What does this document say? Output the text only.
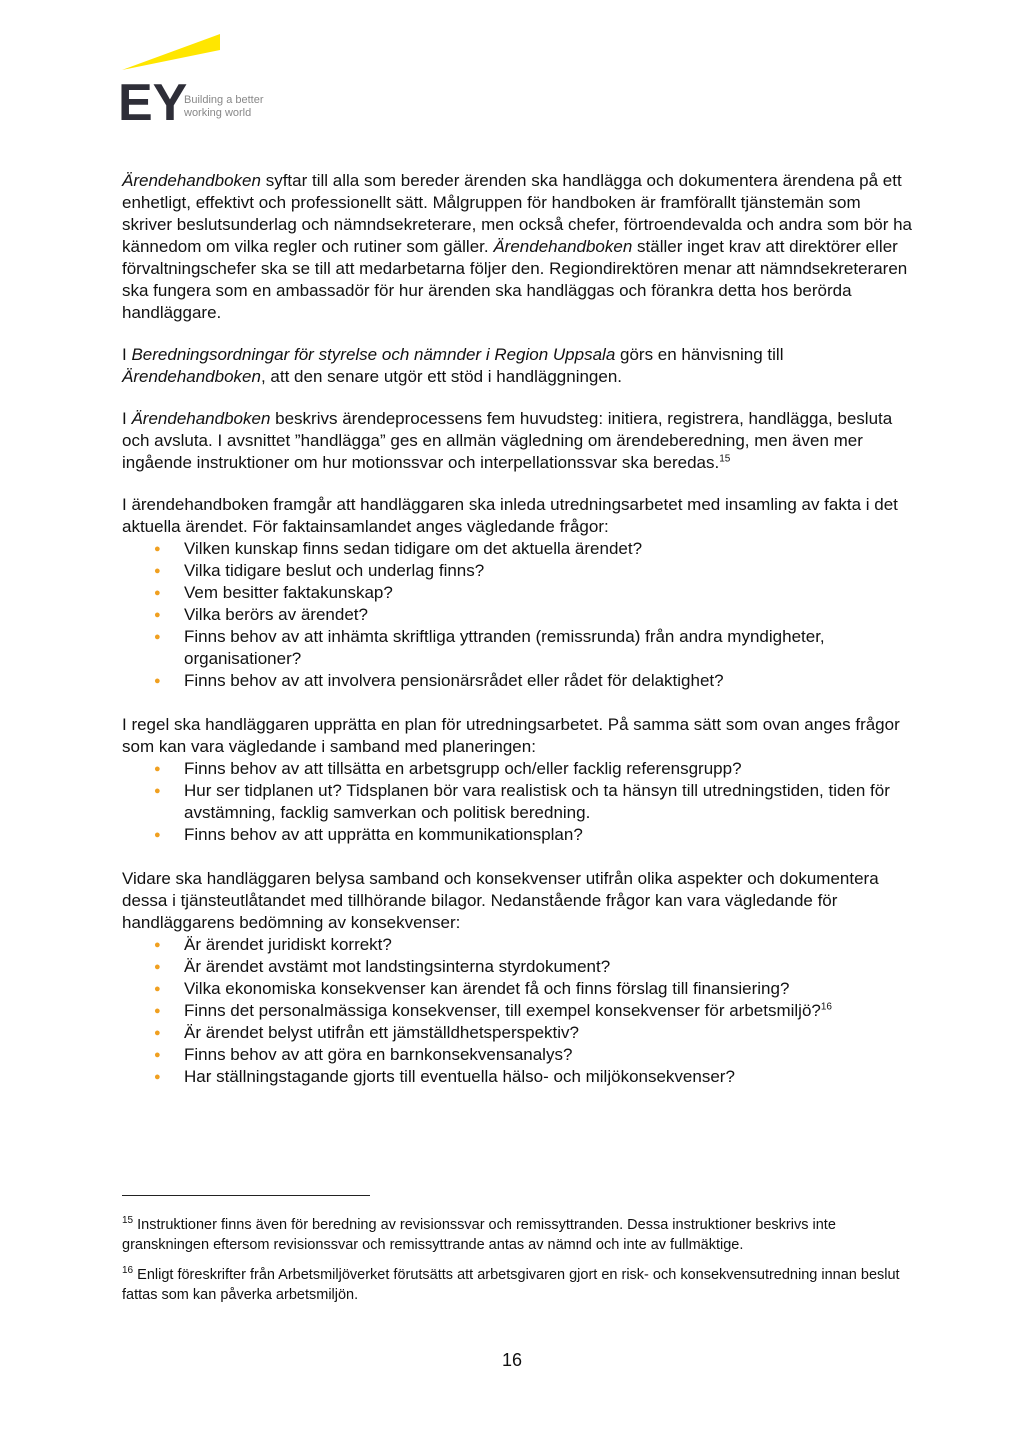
EY
Building a better
working world

Ärendehandboken syftar till alla som bereder ärenden ska handlägga och dokumentera ärendena på ett enhetligt, effektivt och professionellt sätt. Målgruppen för handboken är framförallt tjänstemän som skriver beslutsunderlag och nämndsekreterare, men också chefer, förtroendevalda och andra som bör ha kännedom om vilka regler och rutiner som gäller. Ärendehandboken ställer inget krav att direktörer eller förvaltningschefer ska se till att medarbetarna följer den. Regiondirektören menar att nämndsekreteraren ska fungera som en ambassadör för hur ärenden ska handläggas och förankra detta hos berörda handläggare.

I Beredningsordningar för styrelse och nämnder i Region Uppsala görs en hänvisning till Ärendehandboken, att den senare utgör ett stöd i handläggningen.

I Ärendehandboken beskrivs ärendeprocessens fem huvudsteg: initiera, registrera, handlägga, besluta och avsluta. I avsnittet ”handlägga” ges en allmän vägledning om ärendeberedning, men även mer ingående instruktioner om hur motionssvar och interpellationssvar ska beredas.$^{15}$

I ärendehandboken framgår att handläggaren ska inleda utredningsarbetet med insamling av fakta i det aktuella ärendet. För faktainsamlandet anges vägledande frågor:

● Vilken kunskap finns sedan tidigare om det aktuella ärendet?
● Vilka tidigare beslut och underlag finns?
● Vem besitter faktakunskap?
● Vilka berörs av ärendet?
● Finns behov av att inhämta skriftliga yttranden (remissrunda) från andra myndigheter, organisationer?
● Finns behov av att involvera pensionärsrådet eller rådet för delaktighet?

I regel ska handläggaren upprätta en plan för utredningsarbetet. På samma sätt som ovan anges frågor som kan vara vägledande i samband med planeringen:

● Finns behov av att tillsätta en arbetsgrupp och/eller facklig referensgrupp?
● Hur ser tidplanen ut? Tidsplanen bör vara realistisk och ta hänsyn till utredningstiden, tiden för avstämning, facklig samverkan och politisk beredning.
● Finns behov av att upprätta en kommunikationsplan?

Vidare ska handläggaren belysa samband och konsekvenser utifrån olika aspekter och dokumentera dessa i tjänsteutlåtandet med tillhörande bilagor. Nedanstående frågor kan vara vägledande för handläggarens bedömning av konsekvenser:

● Är ärendet juridiskt korrekt?
● Är ärendet avstämt mot landstingsinterna styrdokument?
● Vilka ekonomiska konsekvenser kan ärendet få och finns förslag till finansiering?
● Finns det personalmässiga konsekvenser, till exempel konsekvenser för arbetsmiljö?$^{16}$
● Är ärendet belyst utifrån ett jämställdhetsperspektiv?
● Finns behov av att göra en barnkonsekvensanalys?
● Har ställningstagande gjorts till eventuella hälso- och miljökonsekvenser?
$^{15}$ Instruktioner finns även för beredning av revisionssvar och remissyttranden. Dessa instruktioner beskrivs inte granskningen eftersom revisionssvar och remissyttrande antas av nämnd och inte av fullmäktige.
$^{16}$ Enligt föreskrifter från Arbetsmiljöverket förutsätts att arbetsgivaren gjort en risk- och konsekvensutredning innan beslut fattas som kan påverka arbetsmiljön.
16
